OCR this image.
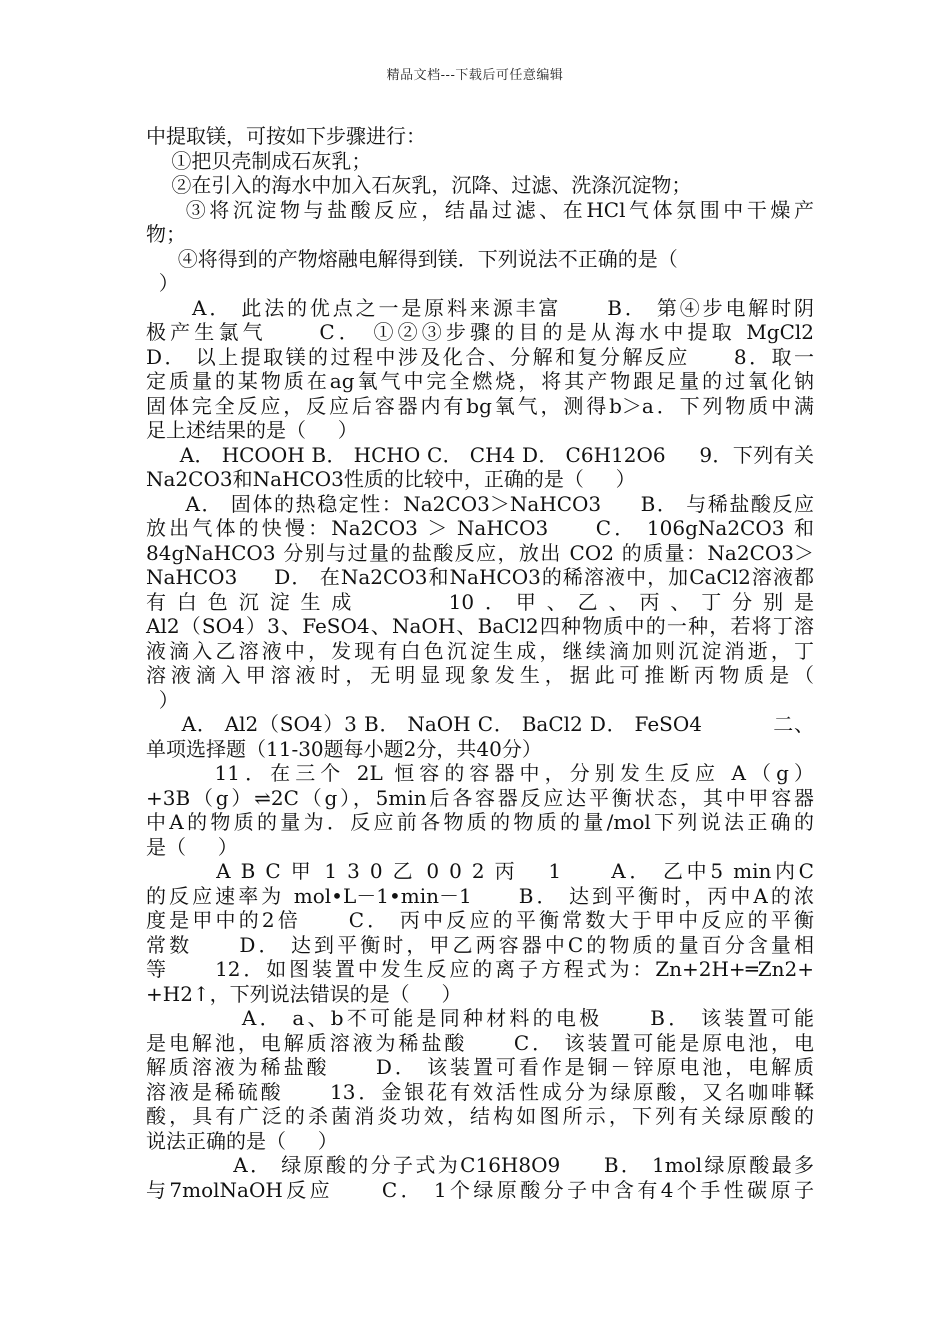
精品文档---下载后可任意编辑
中提取镁，可按如下步骤进行：
①把贝壳制成石灰乳；
②在引入的海水中加入石灰乳，沉降、过滤、洗涤沉淀物；
③将沉淀物与盐酸反应，结晶过滤、在HCl气体氛围中干燥产
物；
④将得到的产物熔融电解得到镁．下列说法不正确的是（
）
A． 此法的优点之一是原料来源丰富     B． 第④步电解时阴
极产生氯气     C． ①②③步骤的目的是从海水中提取 MgCl2
D． 以上提取镁的过程中涉及化合、分解和复分解反应     8．取一
定质量的某物质在ag氧气中完全燃烧，将其产物跟足量的过氧化钠
固体完全反应，反应后容器内有bg氧气，测得b＞a．下列物质中满
足上述结果的是（     ）
A． HCOOH B． HCHO C． CH4 D． C6H12O6     9．下列有关
Na2CO3和NaHCO3性质的比较中，正确的是（     ）
A． 固体的热稳定性：Na2CO3＞NaHCO3     B． 与稀盐酸反应
放出气体的快慢：Na2CO3 ＞ NaHCO3     C． 106gNa2CO3 和
84gNaHCO3 分别与过量的盐酸反应，放出 CO2 的质量：Na2CO3＞
NaHCO3     D． 在Na2CO3和NaHCO3的稀溶液中，加CaCl2溶液都
有白色沉淀生成     10．甲、乙、丙、丁分别是
Al2（SO4）3、FeSO4、NaOH、BaCl2四种物质中的一种，若将丁溶
液滴入乙溶液中，发现有白色沉淀生成，继续滴加则沉淀消逝，丁
溶液滴入甲溶液时，无明显现象发生，据此可推断丙物质是（
）
A． Al2（SO4）3 B． NaOH C． BaCl2 D． FeSO4          二、
单项选择题（11-30题每小题2分，共40分）
11．在三个 2L 恒容的容器中，分别发生反应 A（g）
+3B（g）⇌2C（g），5min后各容器反应达平衡状态，其中甲容器
中A的物质的量为．反应前各物质的物质的量/mol下列说法正确的
是（     ）
A B C 甲 1 3 0 乙 0 0 2 丙   1     A． 乙中5 min内C
的反应速率为 mol•L－1•min－1     B． 达到平衡时，丙中A的浓
度是甲中的2倍     C． 丙中反应的平衡常数大于甲中反应的平衡
常数     D． 达到平衡时，甲乙两容器中C的物质的量百分含量相
等     12．如图装置中发生反应的离子方程式为：Zn+2H+═Zn2+
+H2↑，下列说法错误的是（     ）
A． a、b不可能是同种材料的电极     B． 该装置可能
是电解池，电解质溶液为稀盐酸     C． 该装置可能是原电池，电
解质溶液为稀盐酸     D． 该装置可看作是铜－锌原电池，电解质
溶液是稀硫酸     13．金银花有效活性成分为绿原酸，又名咖啡鞣
酸，具有广泛的杀菌消炎功效，结构如图所示，下列有关绿原酸的
说法正确的是（     ）
A． 绿原酸的分子式为C16H8O9     B． 1mol绿原酸最多
与7molNaOH反应     C． 1个绿原酸分子中含有4个手性碳原子
